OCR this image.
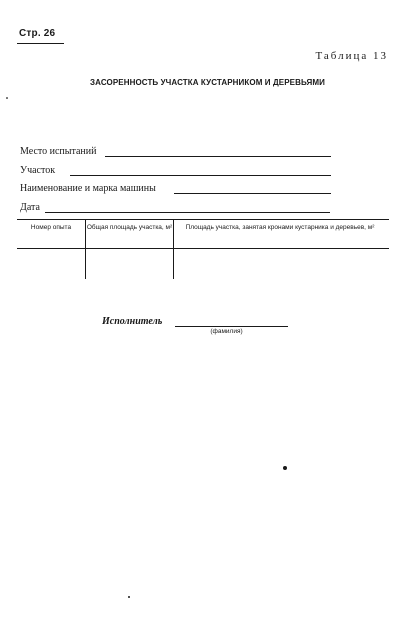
Стр. 26
Таблица 13
ЗАСОРЕННОСТЬ УЧАСТКА КУСТАРНИКОМ И ДЕРЕВЬЯМИ
Место испытаний
Участок
Наименование и марка машины
Дата
Номер опыта	Общая площадь участка, м²	Площадь участка, занятая кронами кустарника и деревьев, м²
Исполнитель
(фамилия)
